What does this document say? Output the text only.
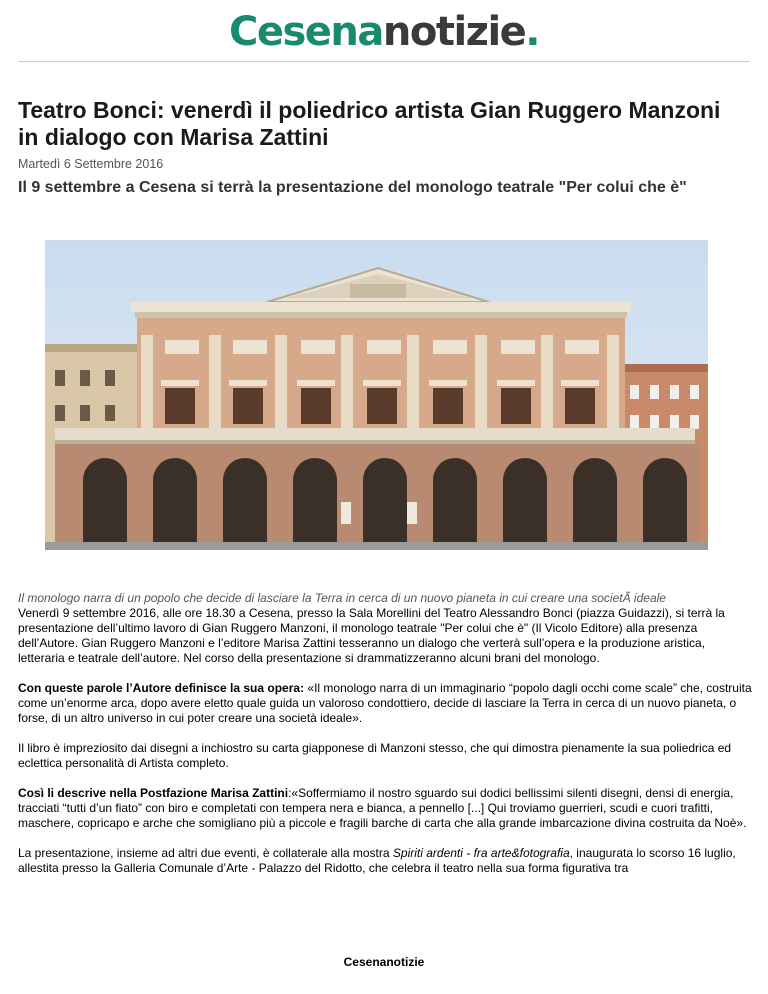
Cesenanotizie.
Teatro Bonci: venerdì il poliedrico artista Gian Ruggero Manzoni in dialogo con Marisa Zattini
Martedì 6 Settembre 2016
Il 9 settembre a Cesena si terrà la presentazione del monologo teatrale "Per colui che è"
Il monologo narra di un popolo che decide di lasciare la Terra in cerca di un nuovo pianeta in cui creare una societÃ ideale

Venerdì 9 settembre 2016, alle ore 18.30 a Cesena, presso la Sala Morellini del Teatro Alessandro Bonci (piazza Guidazzi), si terrà la presentazione dell’ultimo lavoro di Gian Ruggero Manzoni, il monologo teatrale "Per colui che è" (Il Vicolo Editore) alla presenza dell’Autore. Gian Ruggero Manzoni e l’editore Marisa Zattini tesseranno un dialogo che verterà sull’opera e la produzione aristica, letteraria e teatrale dell’autore. Nel corso della presentazione si drammatizzeranno alcuni brani del monologo.

Con queste parole l’Autore definisce la sua opera: «Il monologo narra di un immaginario “popolo dagli occhi come scale” che, costruita come un’enorme arca, dopo avere eletto quale guida un valoroso condottiero, decide di lasciare la Terra in cerca di un nuovo pianeta, o forse, di un altro universo in cui poter creare una società ideale».

Il libro è impreziosito dai disegni a inchiostro su carta giapponese di Manzoni stesso, che qui dimostra pienamente la sua poliedrica ed eclettica personalità di Artista completo.

Così li descrive nella Postfazione Marisa Zattini:«Soffermiamo il nostro sguardo sui dodici bellissimi silenti disegni, densi di energia, tracciati “tutti d’un fiato” con biro e completati con tempera nera e bianca, a pennello [...] Qui troviamo guerrieri, scudi e cuori trafitti, maschere, copricapo e arche che somigliano più a piccole e fragili barche di carta che alla grande imbarcazione divina costruita da Noè».

La presentazione, insieme ad altri due eventi, è collaterale alla mostra Spiriti ardenti - fra arte&fotografia, inaugurata lo scorso 16 luglio, allestita presso la Galleria Comunale d’Arte - Palazzo del Ridotto, che celebra il teatro nella sua forma figurativa tra

Cesenanotizie
